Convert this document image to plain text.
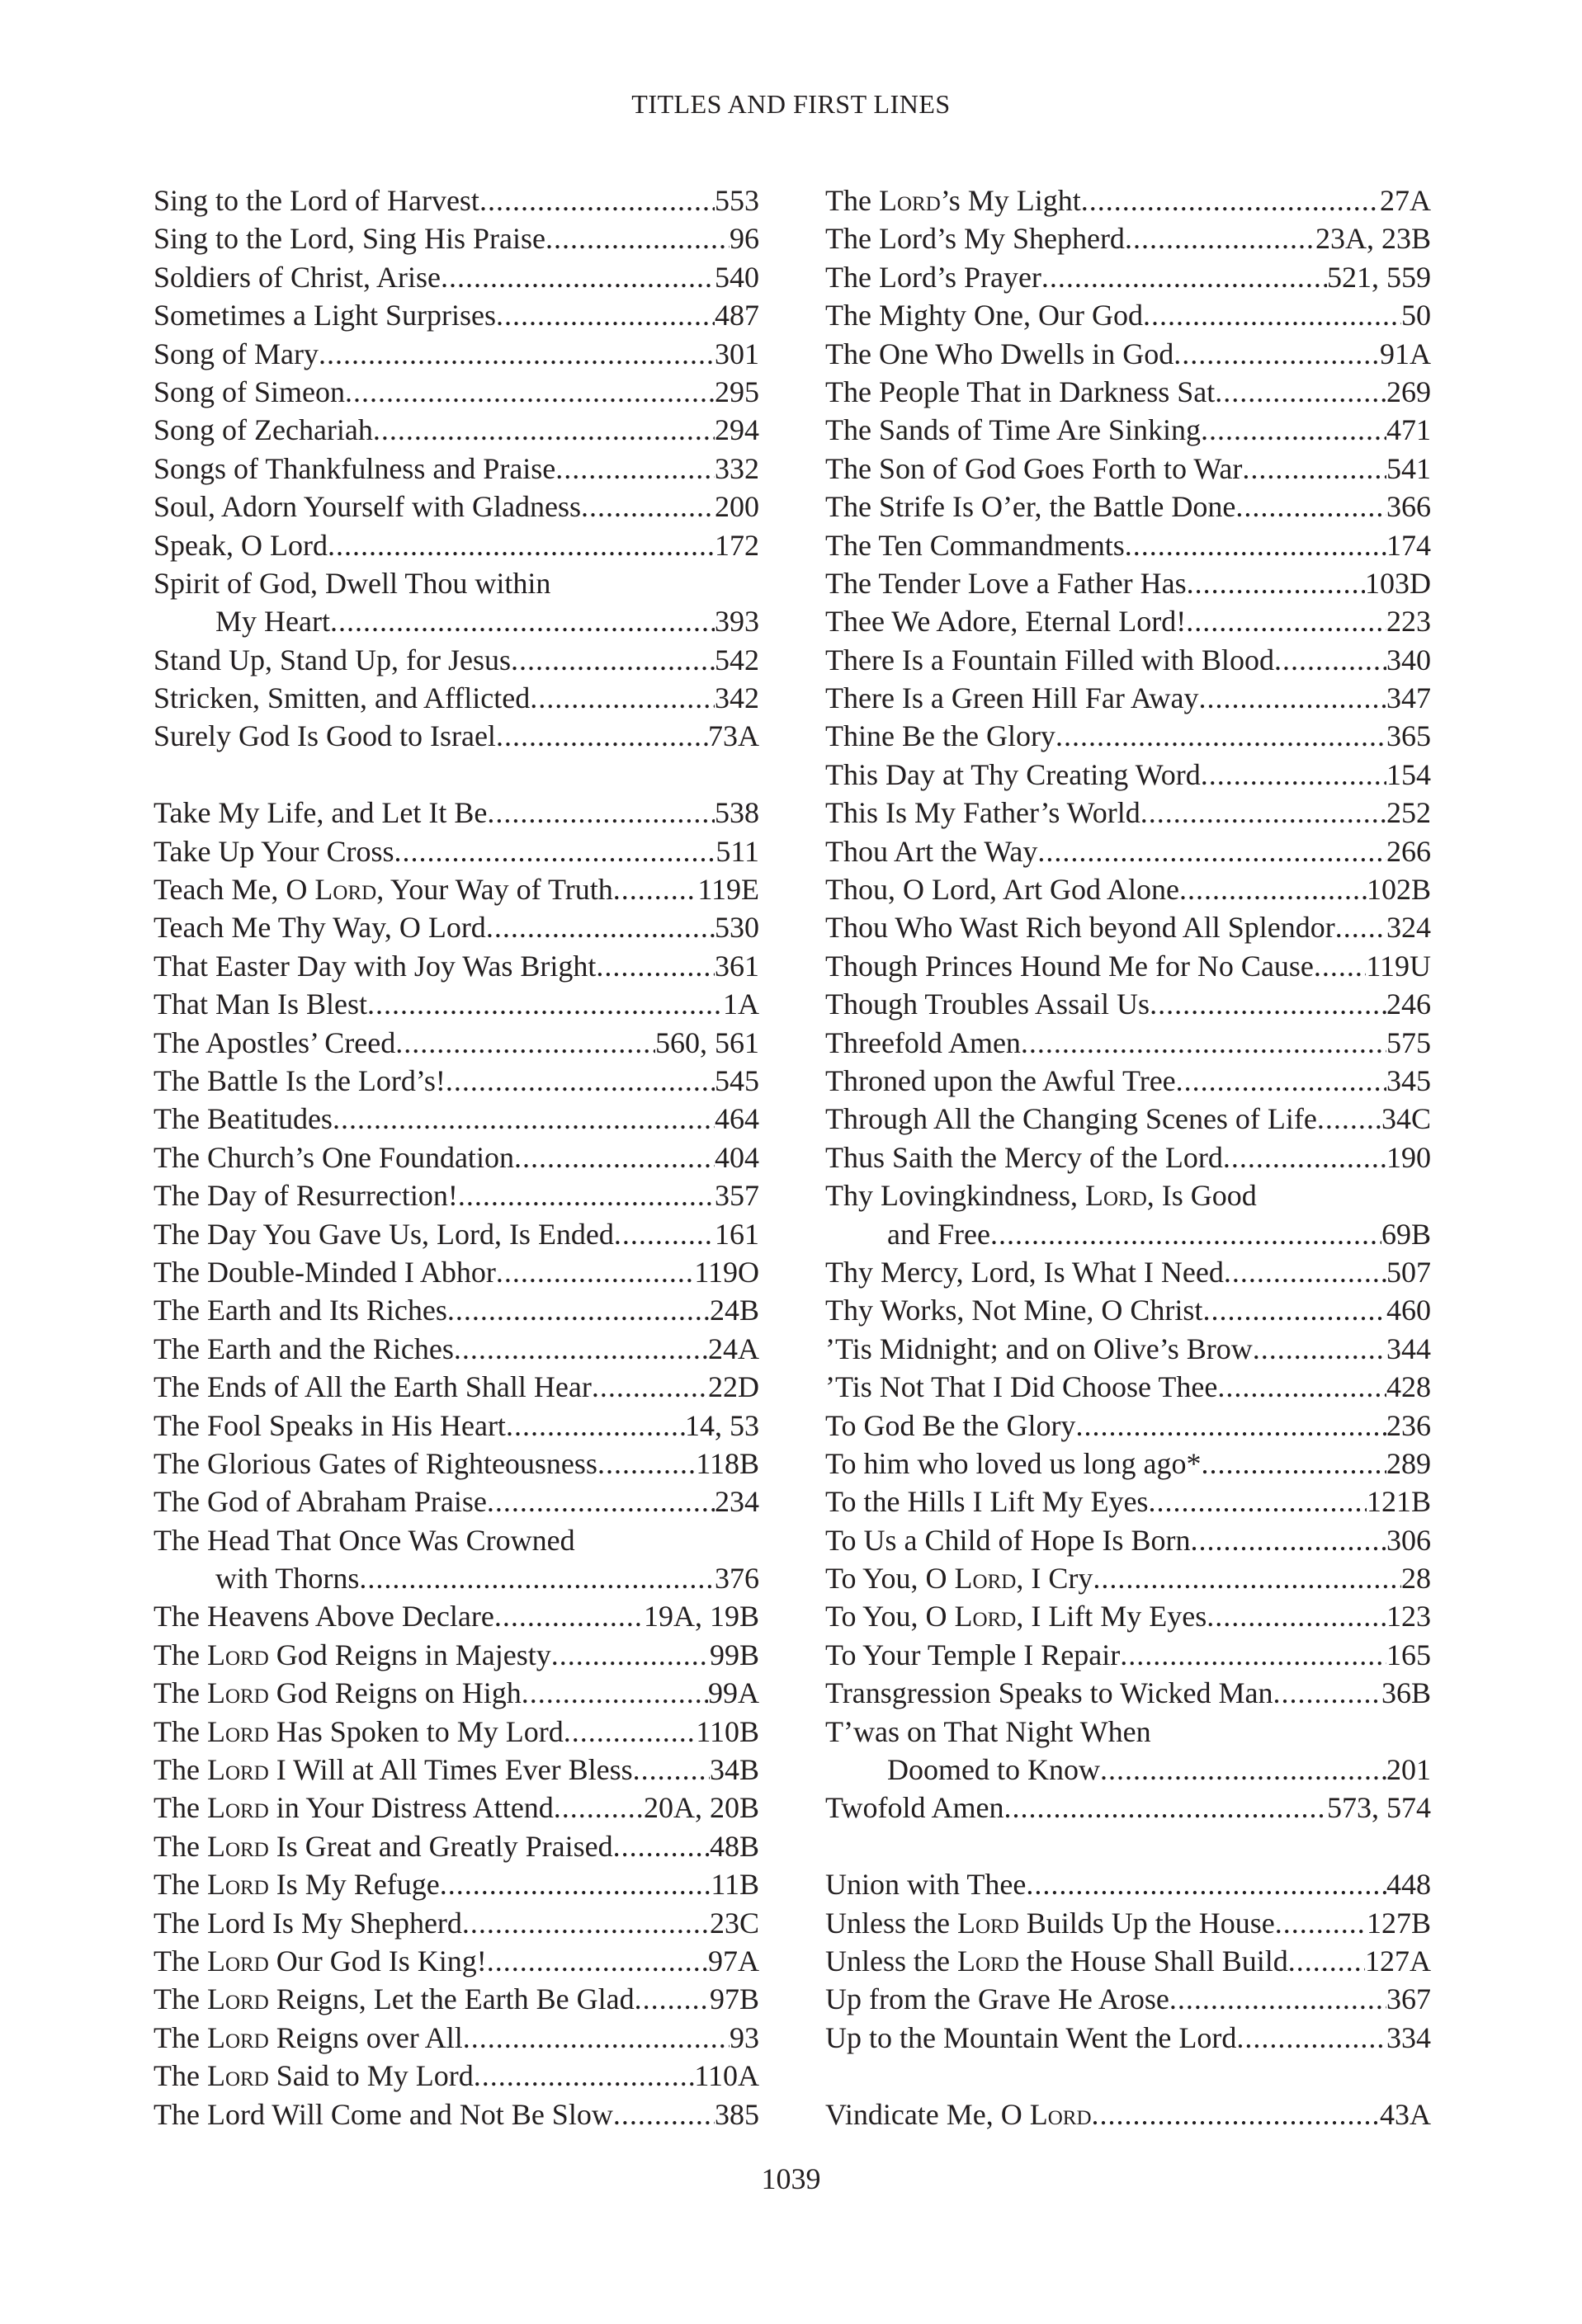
TITLES AND FIRST LINES
Sing to the Lord of Harvest .....	553
Sing to the Lord, Sing His Praise .....	96
Soldiers of Christ, Arise .....	540
Sometimes a Light Surprises .....	487
Song of Mary .....	301
Song of Simeon .....	295
Song of Zechariah .....	294
Songs of Thankfulness and Praise .....	332
Soul, Adorn Yourself with Gladness .....	200
Speak, O Lord .....	172
Spirit of God, Dwell Thou within
My Heart .....	393
Stand Up, Stand Up, for Jesus .....	542
Stricken, Smitten, and Afflicted .....	342
Surely God Is Good to Israel .....	73A
Take My Life, and Let It Be .....	538
Take Up Your Cross .....	511
Teach Me, O Lord, Your Way of Truth .....	119E
Teach Me Thy Way, O Lord .....	530
That Easter Day with Joy Was Bright .....	361
That Man Is Blest .....	1A
The Apostles’ Creed .....	560, 561
The Battle Is the Lord’s! .....	545
The Beatitudes .....	464
The Church’s One Foundation .....	404
The Day of Resurrection! .....	357
The Day You Gave Us, Lord, Is Ended .....	161
The Double-Minded I Abhor .....	119O
The Earth and Its Riches .....	24B
The Earth and the Riches .....	24A
The Ends of All the Earth Shall Hear .....	22D
The Fool Speaks in His Heart .....	14, 53
The Glorious Gates of Righteousness .....	118B
The God of Abraham Praise .....	234
The Head That Once Was Crowned
with Thorns .....	376
The Heavens Above Declare .....	19A, 19B
The Lord God Reigns in Majesty .....	99B
The Lord God Reigns on High .....	99A
The Lord Has Spoken to My Lord .....	110B
The Lord I Will at All Times Ever Bless .....	34B
The Lord in Your Distress Attend .....	20A, 20B
The Lord Is Great and Greatly Praised .....	48B
The Lord Is My Refuge .....	11B
The Lord Is My Shepherd .....	23C
The Lord Our God Is King! .....	97A
The Lord Reigns, Let the Earth Be Glad .....	97B
The Lord Reigns over All .....	93
The Lord Said to My Lord .....	110A
The Lord Will Come and Not Be Slow .....	385
The Lord’s My Light .....	27A
The Lord’s My Shepherd .....	23A, 23B
The Lord’s Prayer .....	521, 559
The Mighty One, Our God .....	50
The One Who Dwells in God .....	91A
The People That in Darkness Sat .....	269
The Sands of Time Are Sinking .....	471
The Son of God Goes Forth to War .....	541
The Strife Is O’er, the Battle Done .....	366
The Ten Commandments .....	174
The Tender Love a Father Has .....	103D
Thee We Adore, Eternal Lord! .....	223
There Is a Fountain Filled with Blood .....	340
There Is a Green Hill Far Away .....	347
Thine Be the Glory .....	365
This Day at Thy Creating Word .....	154
This Is My Father’s World .....	252
Thou Art the Way .....	266
Thou, O Lord, Art God Alone .....	102B
Thou Who Wast Rich beyond All Splendor ..... 324
Though Princes Hound Me for No Cause ..... 119U
Though Troubles Assail Us .....	246
Threefold Amen .....	575
Throned upon the Awful Tree .....	345
Through All the Changing Scenes of Life ..... 34C
Thus Saith the Mercy of the Lord .....	190
Thy Lovingkindness, Lord, Is Good
and Free .....	69B
Thy Mercy, Lord, Is What I Need .....	507
Thy Works, Not Mine, O Christ .....	460
’Tis Midnight; and on Olive’s Brow .....	344
’Tis Not That I Did Choose Thee .....	428
To God Be the Glory .....	236
To him who loved us long ago* .....	289
To the Hills I Lift My Eyes .....	121B
To Us a Child of Hope Is Born .....	306
To You, O Lord, I Cry .....	28
To You, O Lord, I Lift My Eyes .....	123
To Your Temple I Repair .....	165
Transgression Speaks to Wicked Man .....	36B
T’was on That Night When
Doomed to Know .....	201
Twofold Amen .....	573, 574
Union with Thee .....	448
Unless the Lord Builds Up the House .....	127B
Unless the Lord the House Shall Build .....	127A
Up from the Grave He Arose .....	367
Up to the Mountain Went the Lord .....	334
Vindicate Me, O Lord .....	43A
1039
